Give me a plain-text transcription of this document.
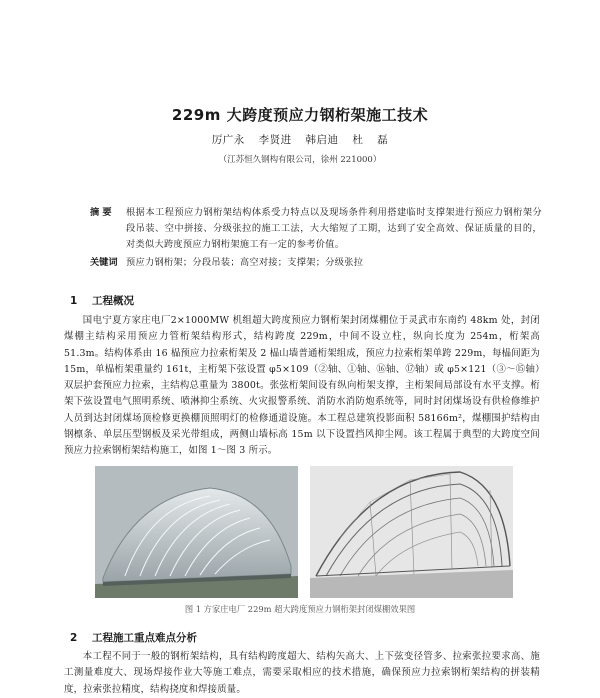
229m 大跨度预应力钢桁架施工技术
厉广永 李贤进 韩启迪 杜 磊
（江苏恒久钢构有限公司，徐州 221000）
摘 要	根据本工程预应力钢桁架结构体系受力特点以及现场条件利用搭建临时支撑架进行预应力钢桁架分段吊装、空中拼接、分级张拉的施工工法，大大缩短了工期，达到了安全高效、保证质量的目的，对类似大跨度预应力钢桁架施工有一定的参考价值。
关键词 预应力钢桁架；分段吊装；高空对接；支撑架；分级张拉
1 工程概况
国电宁夏方家庄电厂2×1000MW 机组超大跨度预应力钢桁架封闭煤棚位于灵武市东南约 48km 处，封闭煤棚主结构采用预应力管桁架结构形式，结构跨度 229m，中间不设立柱，纵向长度为 254m，桁架高 51.3m。结构体系由 16 榀预应力拉索桁架及 2 榀山墙普通桁架组成，预应力拉索桁架单跨 229m，每榀间距为 15m，单榀桁架重量约 161t，主桁架下弦设置 φ5×109（②轴、①轴、⑯轴、⑰轴）或 φ5×121（③～⑮轴）双层护套预应力拉索，主结构总重量为 3800t。张弦桁架间设有纵向桁架支撑，主桁架间局部设有水平支撑。桁架下弦设置电气照明系统、喷淋抑尘系统、火灾报警系统、消防水消防炮系统等，同时封闭煤场设有供检修维护人员到达封闭煤场顶检修更换棚顶照明灯的检修通道设施。本工程总建筑投影面积 58166m²，煤棚围护结构由钢檩条、单层压型钢板及采光带组成，两侧山墙标高 15m 以下设置挡风抑尘网。该工程属于典型的大跨度空间预应力拉索钢桁架结构施工，如图 1～图 3 所示。
图 1 方家庄电厂 229m 超大跨度预应力钢桁架封闭煤棚效果图
2 工程施工重点难点分析
本工程不同于一般的钢桁架结构，具有结构跨度超大、结构矢高大、上下弦变径管多、拉索张拉要求高、施工测量难度大、现场焊接作业大等施工难点，需要采取相应的技术措施，确保预应力拉索钢桁架结构的拼装精度，拉索张拉精度，结构挠度和焊接质量。
